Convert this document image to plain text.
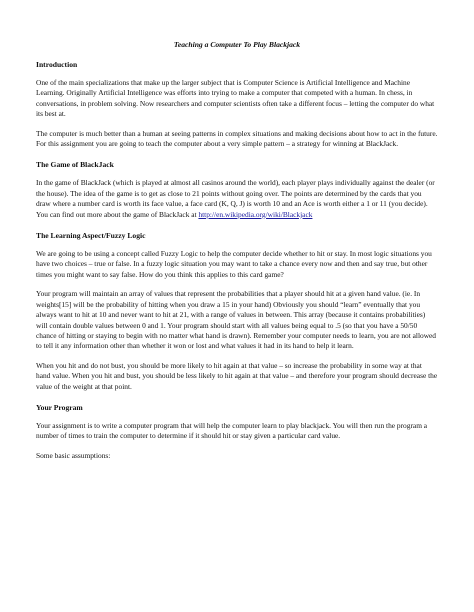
Teaching a Computer To Play Blackjack
Introduction

One of the main specializations that make up the larger subject that is Computer Science is Artificial Intelligence and Machine Learning. Originally Artificial Intelligence was efforts into trying to make a computer that competed with a human. In chess, in conversations, in problem solving. Now researchers and computer scientists often take a different focus – letting the computer do what its best at.

The computer is much better than a human at seeing patterns in complex situations and making decisions about how to act in the future. For this assignment you are going to teach the computer about a very simple pattern – a strategy for winning at BlackJack.

The Game of BlackJack

In the game of BlackJack (which is played at almost all casinos around the world), each player plays individually against the dealer (or the house). The idea of the game is to get as close to 21 points without going over. The points are determined by the cards that you draw where a number card is worth its face value, a face card (K, Q, J) is worth 10 and an Ace is worth either a 1 or 11 (you decide). You can find out more about the game of BlackJack at http://en.wikipedia.org/wiki/Blackjack

The Learning Aspect/Fuzzy Logic

We are going to be using a concept called Fuzzy Logic to help the computer decide whether to hit or stay. In most logic situations you have two choices – true or false. In a fuzzy logic situation you may want to take a chance every now and then and say true, but other times you might want to say false. How do you think this applies to this card game?

Your program will maintain an array of values that represent the probabilities that a player should hit at a given hand value. (ie. In weights[15] will be the probability of hitting when you draw a 15 in your hand) Obviously you should “learn” eventually that you always want to hit at 10 and never want to hit at 21, with a range of values in between. This array (because it contains probabilities) will contain double values between 0 and 1. Your program should start with all values being equal to .5 (so that you have a 50/50 chance of hitting or staying to begin with no matter what hand is drawn). Remember your computer needs to learn, you are not allowed to tell it any information other than whether it won or lost and what values it had in its hand to help it learn.

When you hit and do not bust, you should be more likely to hit again at that value – so increase the probability in some way at that hand value. When you hit and bust, you should be less likely to hit again at that value – and therefore your program should decrease the value of the weight at that point.

Your Program

Your assignment is to write a computer program that will help the computer learn to play blackjack. You will then run the program a number of times to train the computer to determine if it should hit or stay given a particular card value.

Some basic assumptions:
